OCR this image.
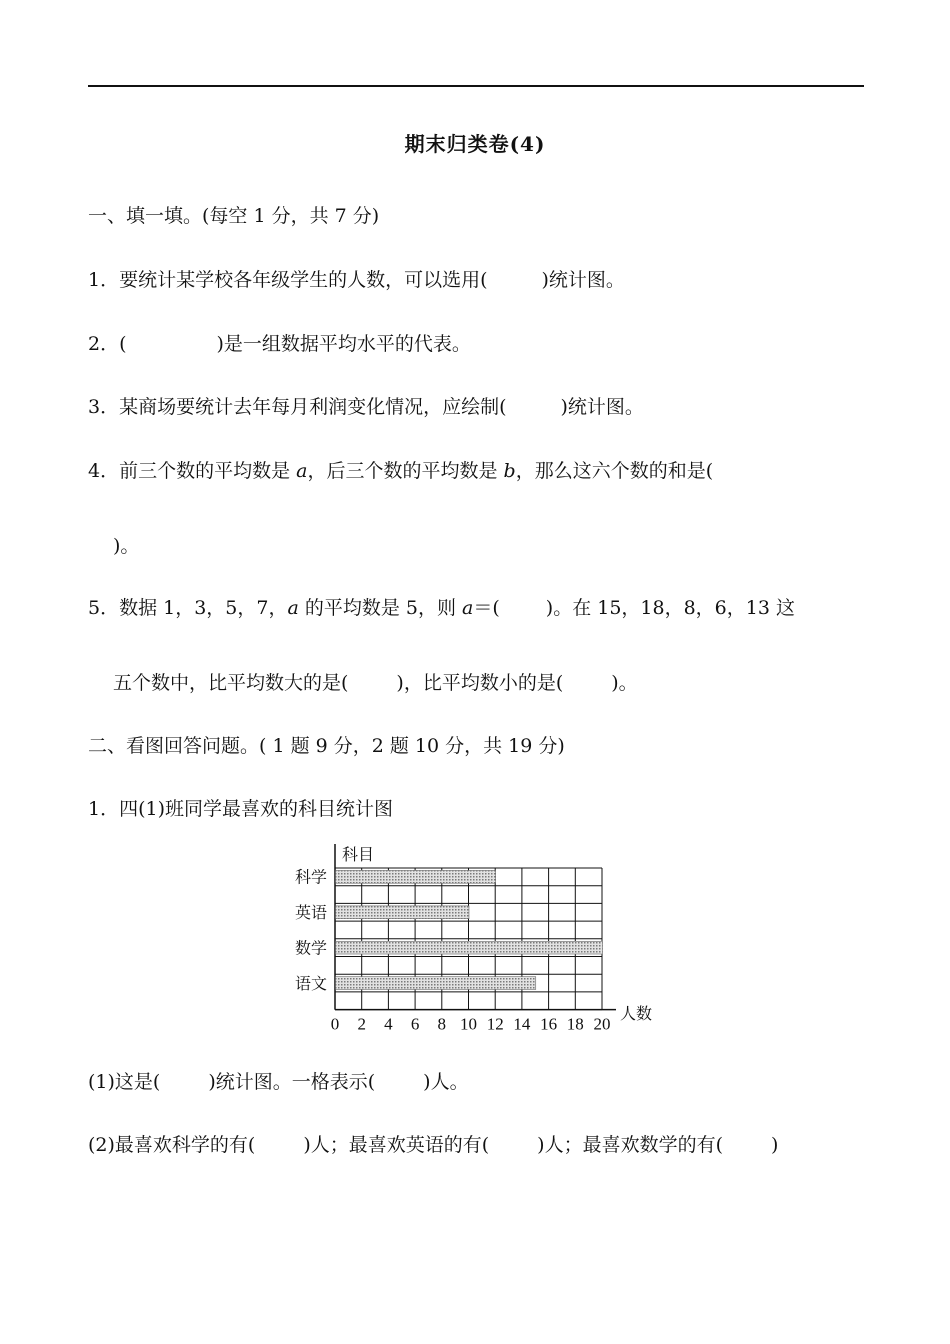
期末归类卷(4)
一、填一填。(每空 1 分，共 7 分)
1．要统计某学校各年级学生的人数，可以选用(	)统计图。
2．(	)是一组数据平均水平的代表。
3．某商场要统计去年每月利润变化情况，应绘制(	)统计图。
4．前三个数的平均数是 a，后三个数的平均数是 b，那么这六个数的和是(
)。
5．数据 1，3，5，7，a 的平均数是 5，则 a＝( )。在 15，18，8，6，13 这
五个数中，比平均数大的是(	)，比平均数小的是(	)。
二、看图回答问题。( 1 题 9 分，2 题 10 分，共 19 分)
1．四(1)班同学最喜欢的科目统计图
科学
英语
数学
语文
0 2 4 6 8 10 12 14 16 18 20
科目
人数
(1)这是(	)统计图。一格表示(	)人。
(2)最喜欢科学的有(	)人；最喜欢英语的有(	)人；最喜欢数学的有(	)
